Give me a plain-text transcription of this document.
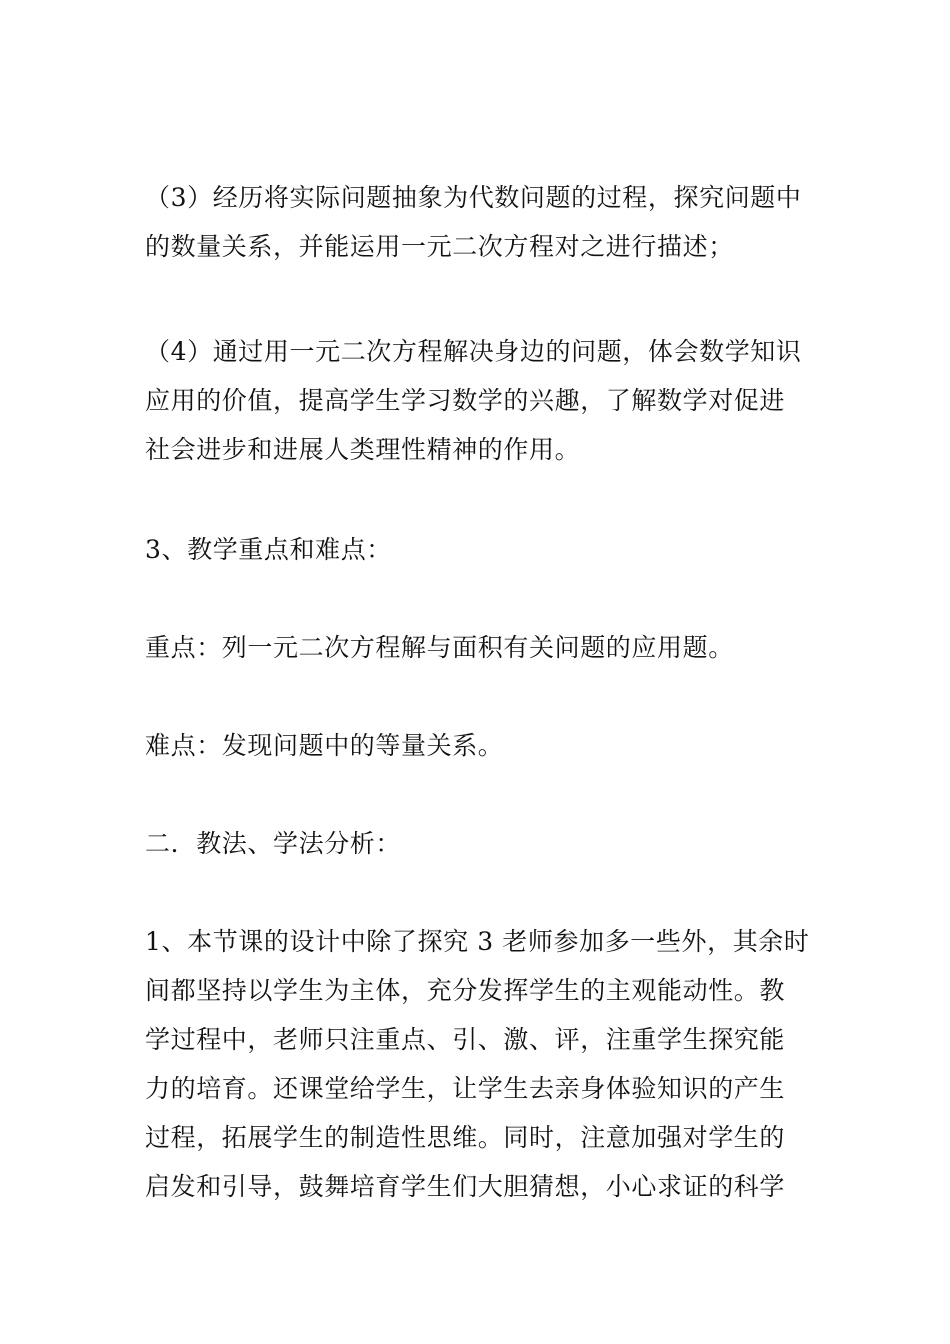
（3）经历将实际问题抽象为代数问题的过程，探究问题中
的数量关系，并能运用一元二次方程对之进行描述；

（4）通过用一元二次方程解决身边的问题，体会数学知识
应用的价值，提高学生学习数学的兴趣，了解数学对促进
社会进步和进展人类理性精神的作用。

3、教学重点和难点：

重点：列一元二次方程解与面积有关问题的应用题。

难点：发现问题中的等量关系。

二．教法、学法分析：

1、本节课的设计中除了探究 3 老师参加多一些外，其余时
间都坚持以学生为主体，充分发挥学生的主观能动性。教
学过程中，老师只注重点、引、激、评，注重学生探究能
力的培育。还课堂给学生，让学生去亲身体验知识的产生
过程，拓展学生的制造性思维。同时，注意加强对学生的
启发和引导，鼓舞培育学生们大胆猜想，小心求证的科学
